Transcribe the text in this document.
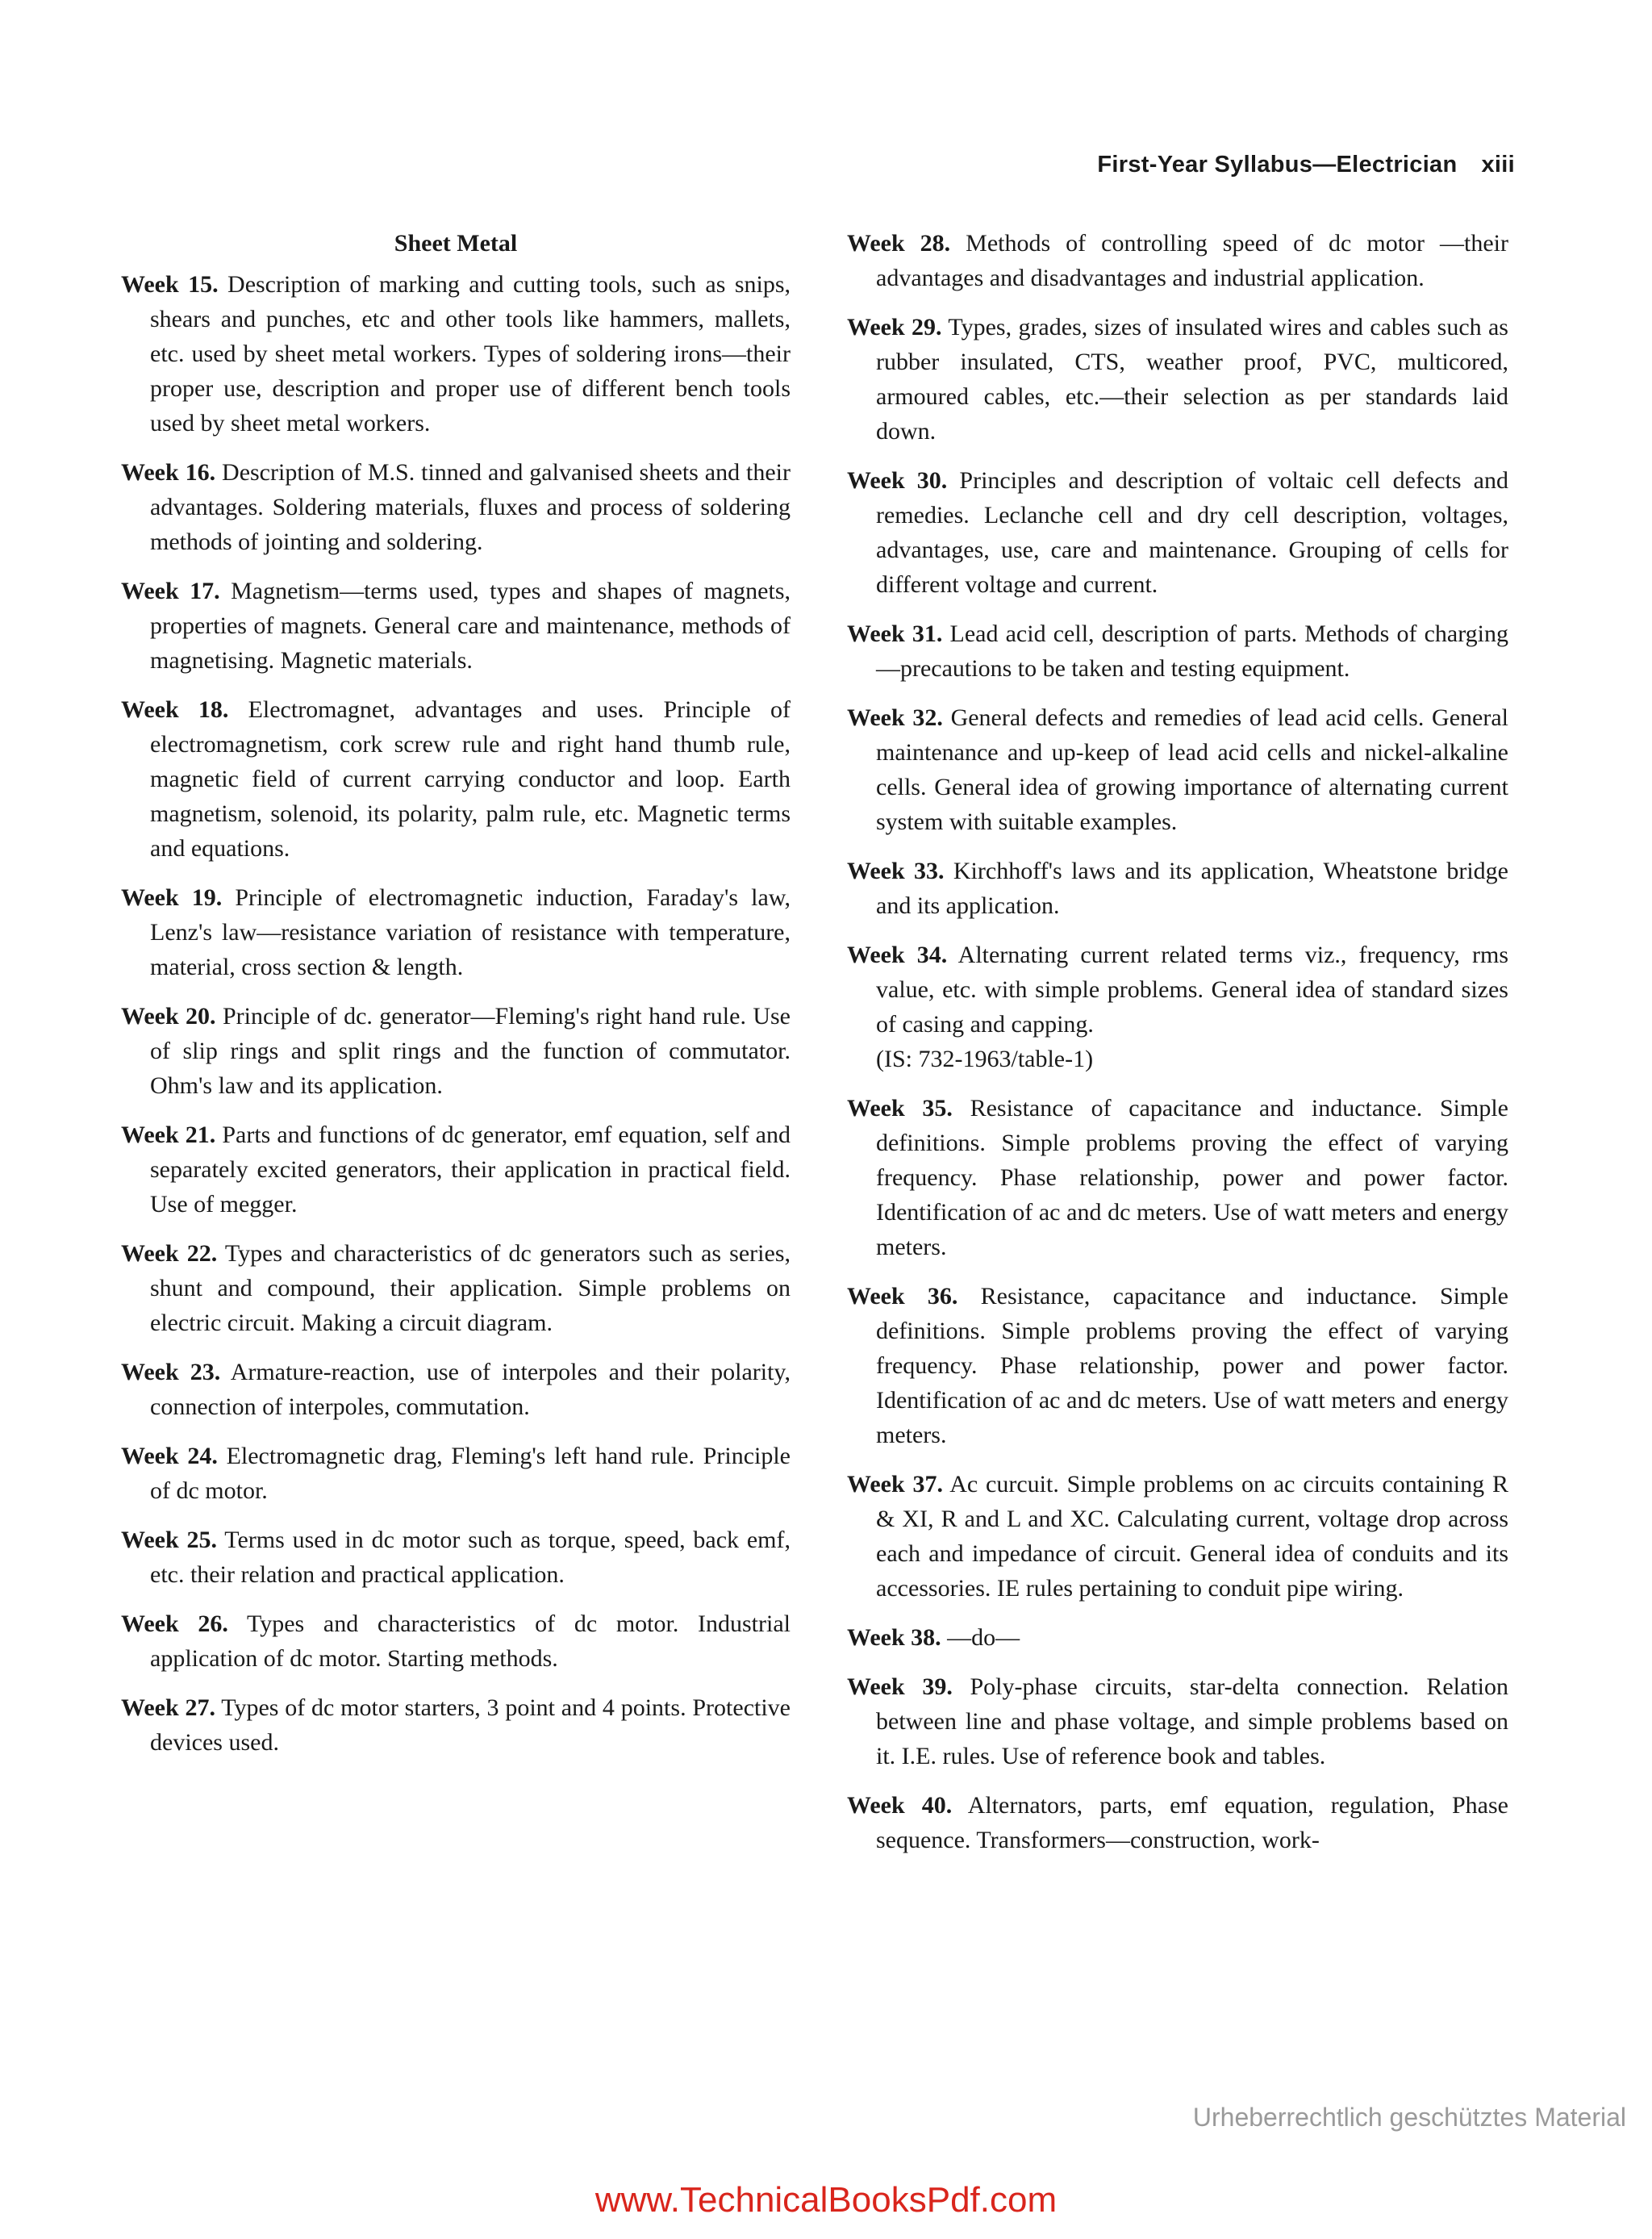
First-Year Syllabus—Electrician xiii
Sheet Metal

Week 15. Description of marking and cutting tools, such as snips, shears and punches, etc and other tools like hammers, mallets, etc. used by sheet metal workers. Types of soldering irons—their proper use, description and proper use of different bench tools used by sheet metal workers.

Week 16. Description of M.S. tinned and galvanised sheets and their advantages. Soldering materials, fluxes and process of soldering methods of jointing and soldering.

Week 17. Magnetism—terms used, types and shapes of magnets, properties of magnets. General care and maintenance, methods of magnetising. Magnetic materials.

Week 18. Electromagnet, advantages and uses. Principle of electromagnetism, cork screw rule and right hand thumb rule, magnetic field of current carrying conductor and loop. Earth magnetism, solenoid, its polarity, palm rule, etc. Magnetic terms and equations.

Week 19. Principle of electromagnetic induction, Faraday's law, Lenz's law—resistance variation of resistance with temperature, material, cross section & length.

Week 20. Principle of dc. generator—Fleming's right hand rule. Use of slip rings and split rings and the function of commutator. Ohm's law and its application.

Week 21. Parts and functions of dc generator, emf equation, self and separately excited generators, their application in practical field. Use of megger.

Week 22. Types and characteristics of dc generators such as series, shunt and compound, their application. Simple problems on electric circuit. Making a circuit diagram.

Week 23. Armature-reaction, use of interpoles and their polarity, connection of interpoles, commutation.

Week 24. Electromagnetic drag, Fleming's left hand rule. Principle of dc motor.

Week 25. Terms used in dc motor such as torque, speed, back emf, etc. their relation and practical application.

Week 26. Types and characteristics of dc motor. Industrial application of dc motor. Starting methods.

Week 27. Types of dc motor starters, 3 point and 4 points. Protective devices used.

Week 28. Methods of controlling speed of dc motor —their advantages and disadvantages and industrial application.

Week 29. Types, grades, sizes of insulated wires and cables such as rubber insulated, CTS, weather proof, PVC, multicored, armoured cables, etc.—their selection as per standards laid down.

Week 30. Principles and description of voltaic cell defects and remedies. Leclanche cell and dry cell description, voltages, advantages, use, care and maintenance. Grouping of cells for different voltage and current.

Week 31. Lead acid cell, description of parts. Methods of charging—precautions to be taken and testing equipment.

Week 32. General defects and remedies of lead acid cells. General maintenance and up-keep of lead acid cells and nickel-alkaline cells. General idea of growing importance of alternating current system with suitable examples.

Week 33. Kirchhoff's laws and its application, Wheatstone bridge and its application.

Week 34. Alternating current related terms viz., frequency, rms value, etc. with simple problems. General idea of standard sizes of casing and capping.
(IS: 732-1963/table-1)

Week 35. Resistance of capacitance and inductance. Simple definitions. Simple problems proving the effect of varying frequency. Phase relationship, power and power factor. Identification of ac and dc meters. Use of watt meters and energy meters.

Week 36. Resistance, capacitance and inductance. Simple definitions. Simple problems proving the effect of varying frequency. Phase relationship, power and power factor. Identification of ac and dc meters. Use of watt meters and energy meters.

Week 37. Ac curcuit. Simple problems on ac circuits containing R & XI, R and L and XC. Calculating current, voltage drop across each and impedance of circuit. General idea of conduits and its accessories. IE rules pertaining to conduit pipe wiring.

Week 38. —do—

Week 39. Poly-phase circuits, star-delta connection. Relation between line and phase voltage, and simple problems based on it. I.E. rules. Use of reference book and tables.

Week 40. Alternators, parts, emf equation, regulation, Phase sequence. Transformers—construction, work-

Urheberrechtlich geschütztes Material
www.TechnicalBooksPdf.com
